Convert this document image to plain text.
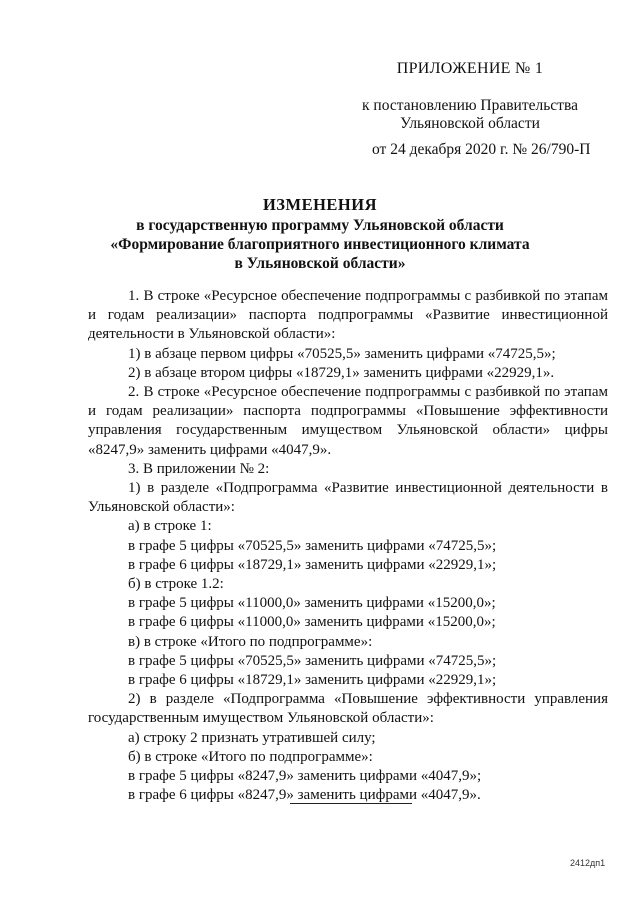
ПРИЛОЖЕНИЕ № 1
к постановлению Правительства
Ульяновской области
от 24 декабря 2020 г. № 26/790-П
ИЗМЕНЕНИЯ
в государственную программу Ульяновской области
«Формирование благоприятного инвестиционного климата
в Ульяновской области»

1. В строке «Ресурсное обеспечение подпрограммы с разбивкой по этапам и годам реализации» паспорта подпрограммы «Развитие инвестиционной деятельности в Ульяновской области»:

1) в абзаце первом цифры «70525,5» заменить цифрами «74725,5»;

2) в абзаце втором цифры «18729,1» заменить цифрами «22929,1».

2. В строке «Ресурсное обеспечение подпрограммы с разбивкой по этапам и годам реализации» паспорта подпрограммы «Повышение эффективности управления государственным имуществом Ульяновской области» цифры «8247,9» заменить цифрами «4047,9».

3. В приложении № 2:

1) в разделе «Подпрограмма «Развитие инвестиционной деятельности в Ульяновской области»:

а) в строке 1:

в графе 5 цифры «70525,5» заменить цифрами «74725,5»;

в графе 6 цифры «18729,1» заменить цифрами «22929,1»;

б) в строке 1.2:

в графе 5 цифры «11000,0» заменить цифрами «15200,0»;

в графе 6 цифры «11000,0» заменить цифрами «15200,0»;

в) в строке «Итого по подпрограмме»:

в графе 5 цифры «70525,5» заменить цифрами «74725,5»;

в графе 6 цифры «18729,1» заменить цифрами «22929,1»;

2) в разделе «Подпрограмма «Повышение эффективности управления государственным имуществом Ульяновской области»:

а) строку 2 признать утратившей силу;

б) в строке «Итого по подпрограмме»:

в графе 5 цифры «8247,9» заменить цифрами «4047,9»;

в графе 6 цифры «8247,9» заменить цифрами «4047,9».

2412дп1
